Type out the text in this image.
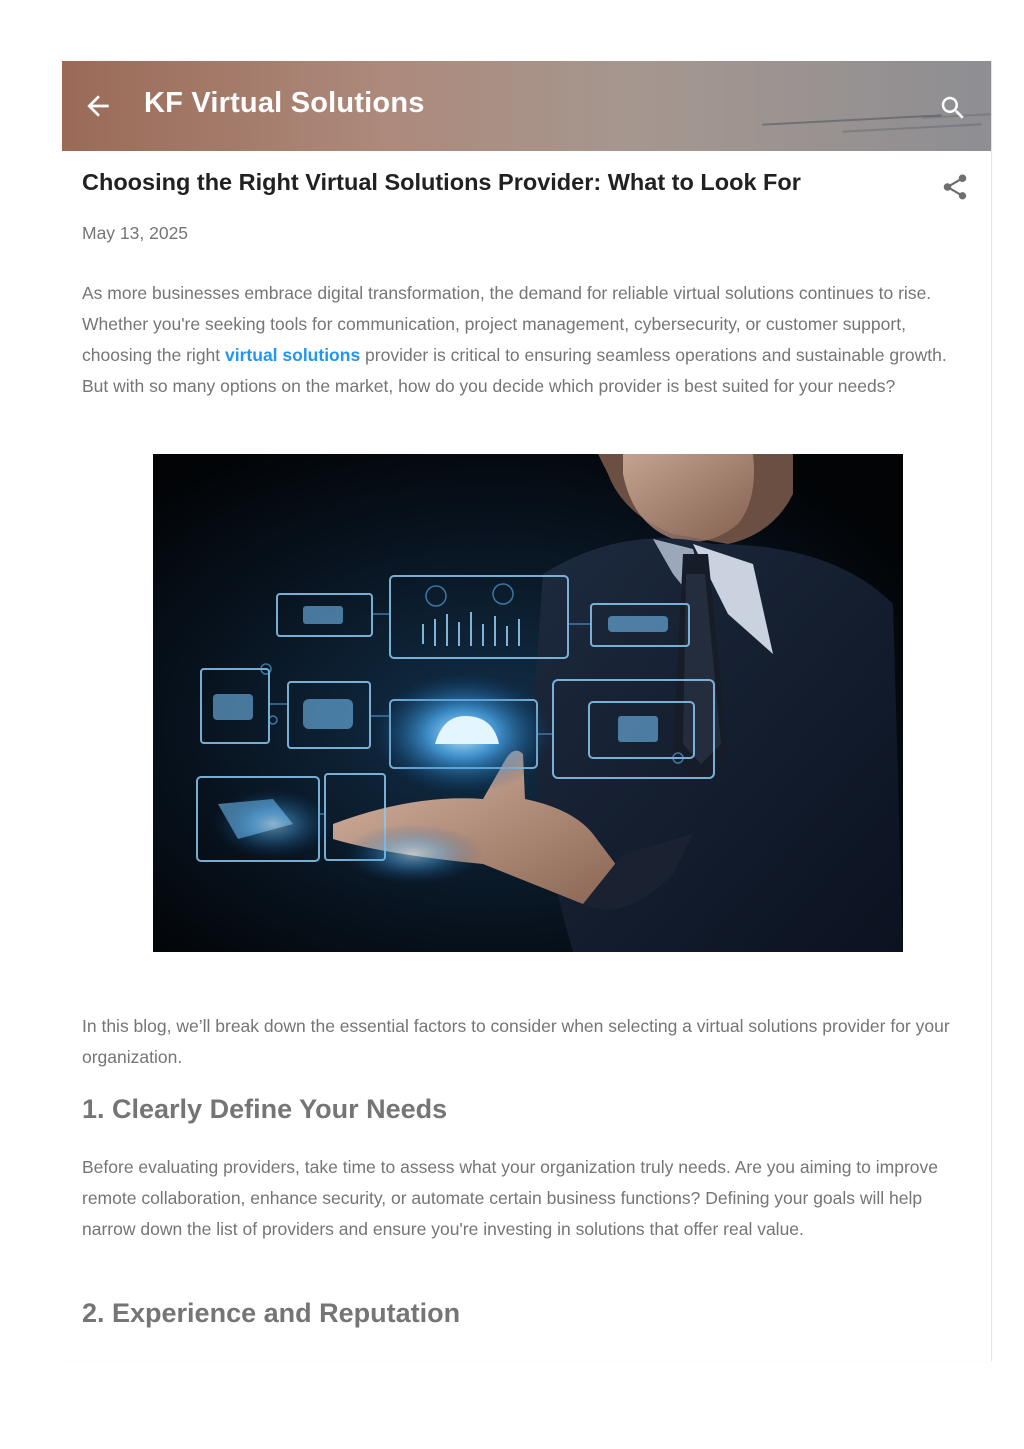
KF Virtual Solutions
Choosing the Right Virtual Solutions Provider: What to Look For
May 13, 2025

As more businesses embrace digital transformation, the demand for reliable virtual solutions continues to rise. Whether you're seeking tools for communication, project management, cybersecurity, or customer support, choosing the right virtual solutions provider is critical to ensuring seamless operations and sustainable growth. But with so many options on the market, how do you decide which provider is best suited for your needs?

In this blog, we’ll break down the essential factors to consider when selecting a virtual solutions provider for your organization.

1. Clearly Define Your Needs

Before evaluating providers, take time to assess what your organization truly needs. Are you aiming to improve remote collaboration, enhance security, or automate certain business functions? Defining your goals will help narrow down the list of providers and ensure you're investing in solutions that offer real value.

2. Experience and Reputation
